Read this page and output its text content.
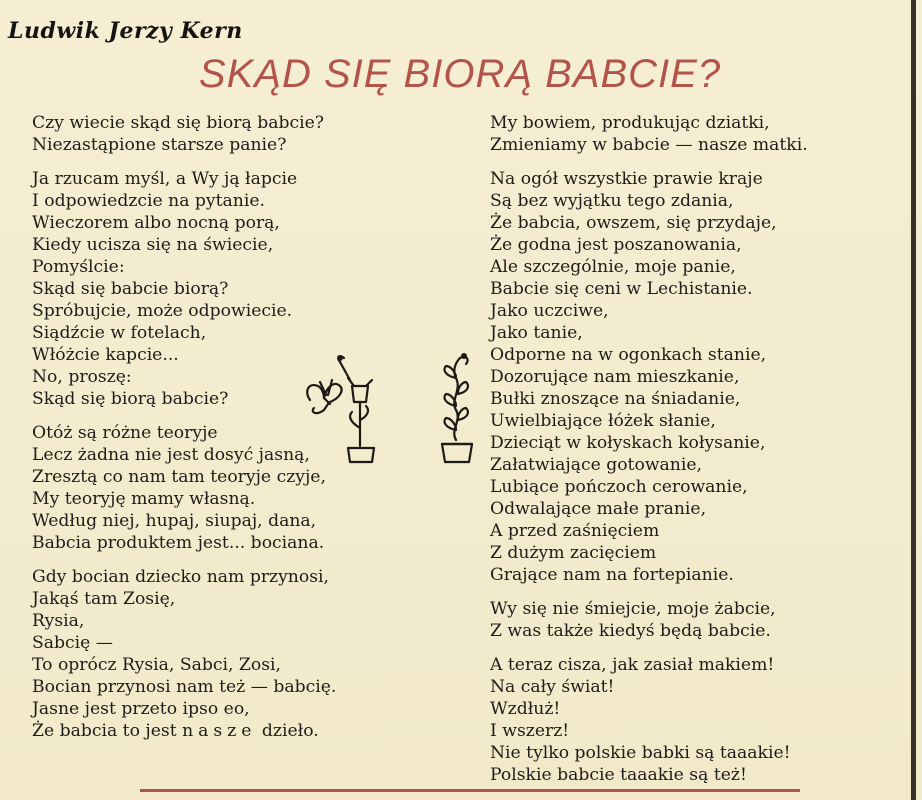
Ludwik Jerzy Kern
SKĄD SIĘ BIORĄ BABCIE?
Czy wiecie skąd się biorą babcie?
Niezastąpione starsze panie?
Ja rzucam myśl, a Wy ją łapcie
I odpowiedzcie na pytanie.
Wieczorem albo nocną porą,
Kiedy ucisza się na świecie,
Pomyślcie:
Skąd się babcie biorą?
Spróbujcie, może odpowiecie.
Siądźcie w fotelach,
Włóżcie kapcie...
No, proszę:
Skąd się biorą babcie?
Otóż są różne teoryje
Lecz żadna nie jest dosyć jasną,
Zresztą co nam tam teoryje czyje,
My teoryję mamy własną.
Według niej, hupaj, siupaj, dana,
Babcia produktem jest... bociana.
Gdy bocian dziecko nam przynosi,
Jakąś tam Zosię,
Rysia,
Sabcię —
To oprócz Rysia, Sabci, Zosi,
Bocian przynosi nam też — babcię.
Jasne jest przeto ipso eo,
Że babcia to jest nasze dzieło.
My bowiem, produkując dziatki,
Zmieniamy w babcie — nasze matki.
Na ogół wszystkie prawie kraje
Są bez wyjątku tego zdania,
Że babcia, owszem, się przydaje,
Że godna jest poszanowania,
Ale szczególnie, moje panie,
Babcie się ceni w Lechistanie.
Jako uczciwe,
Jako tanie,
Odporne na w ogonkach stanie,
Dozorujące nam mieszkanie,
Bułki znoszące na śniadanie,
Uwielbiające łóżek słanie,
Dzieciąt w kołyskach kołysanie,
Załatwiające gotowanie,
Lubiące pończoch cerowanie,
Odwalające małe pranie,
A przed zaśnięciem
Z dużym zacięciem
Grające nam na fortepianie.
Wy się nie śmiejcie, moje żabcie,
Z was także kiedyś będą babcie.
A teraz cisza, jak zasiał makiem!
Na cały świat!
Wzdłuż!
I wszerz!
Nie tylko polskie babki są taaakie!
Polskie babcie taaakie są też!
